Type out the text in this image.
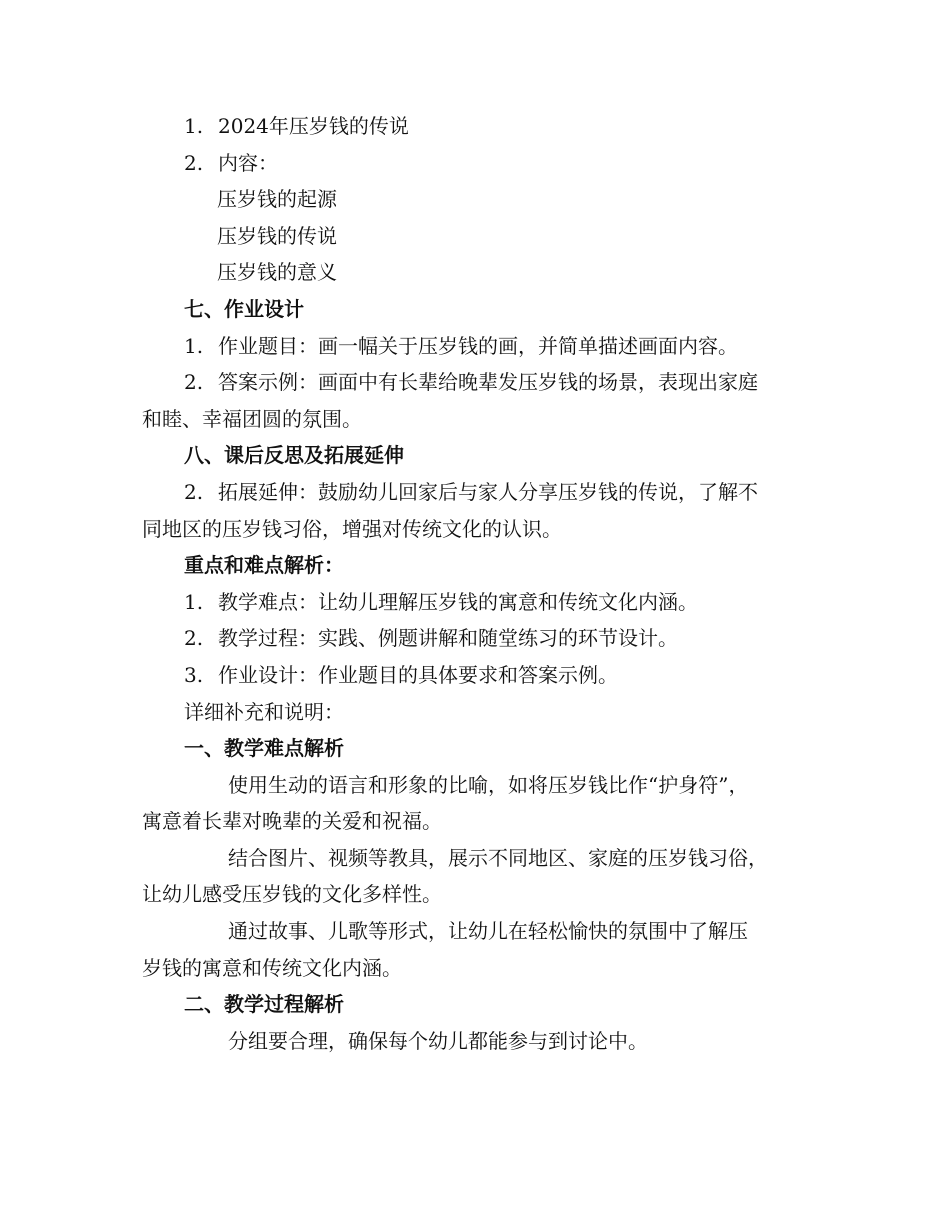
1. 2024年压岁钱的传说
2. 内容：
压岁钱的起源
压岁钱的传说
压岁钱的意义
七、作业设计
1. 作业题目：画一幅关于压岁钱的画，并简单描述画面内容。
2. 答案示例：画面中有长辈给晚辈发压岁钱的场景，表现出家庭
和睦、幸福团圆的氛围。
八、课后反思及拓展延伸
2. 拓展延伸：鼓励幼儿回家后与家人分享压岁钱的传说，了解不
同地区的压岁钱习俗，增强对传统文化的认识。
重点和难点解析：
1. 教学难点：让幼儿理解压岁钱的寓意和传统文化内涵。
2. 教学过程：实践、例题讲解和随堂练习的环节设计。
3. 作业设计：作业题目的具体要求和答案示例。
详细补充和说明：
一、教学难点解析
使用生动的语言和形象的比喻，如将压岁钱比作“护身符”，
寓意着长辈对晚辈的关爱和祝福。
结合图片、视频等教具，展示不同地区、家庭的压岁钱习俗，
让幼儿感受压岁钱的文化多样性。
通过故事、儿歌等形式，让幼儿在轻松愉快的氛围中了解压
岁钱的寓意和传统文化内涵。
二、教学过程解析
分组要合理，确保每个幼儿都能参与到讨论中。
